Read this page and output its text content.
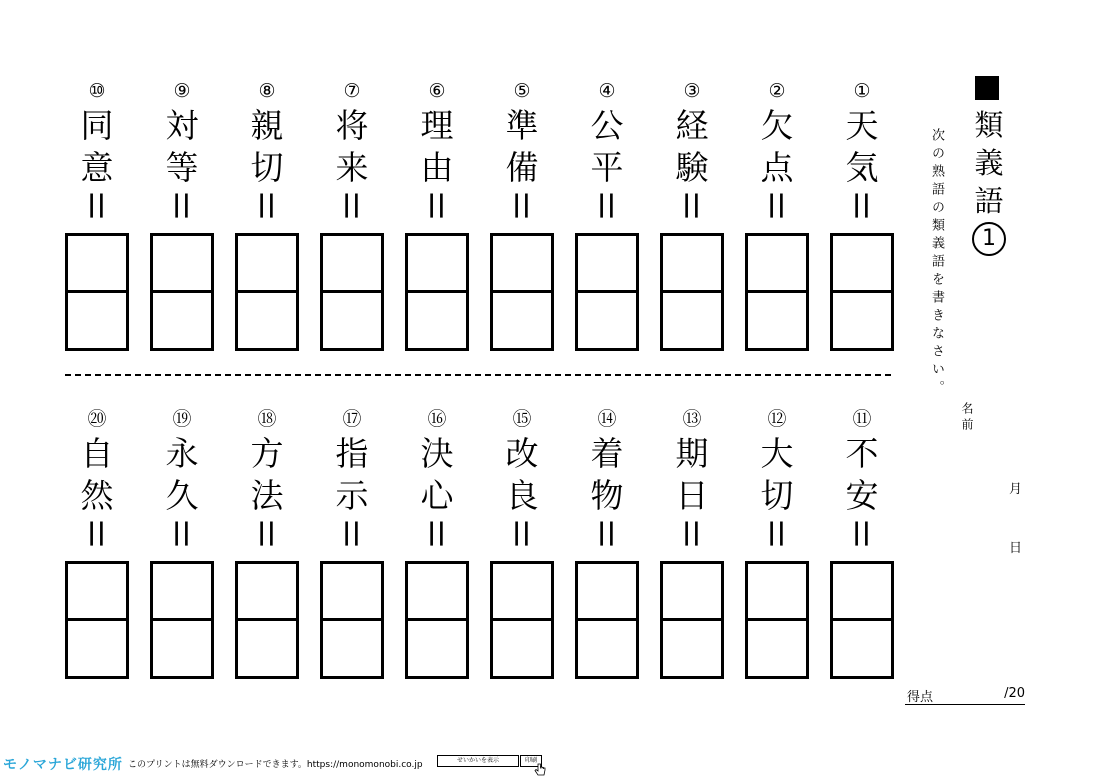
①
天
気
||
②
欠
点
||
③
経
験
||
④
公
平
||
⑤
準
備
||
⑥
理
由
||
⑦
将
来
||
⑧
親
切
||
⑨
対
等
||
⑩
同
意
||
⑪
不
安
||
⑫
大
切
||
⑬
期
日
||
⑭
着
物
||
⑮
改
良
||
⑯
決
心
||
⑰
指
示
||
⑱
方
法
||
⑲
永
久
||
⑳
自
然
||
類
義
語
1
次の熟語の類義語を書きなさい。
名前
月
日
得点	/20
モノマナビ研究所 このプリントは無料ダウンロードできます。https://monomonobi.co.jp	せいかいを表示	印刷
